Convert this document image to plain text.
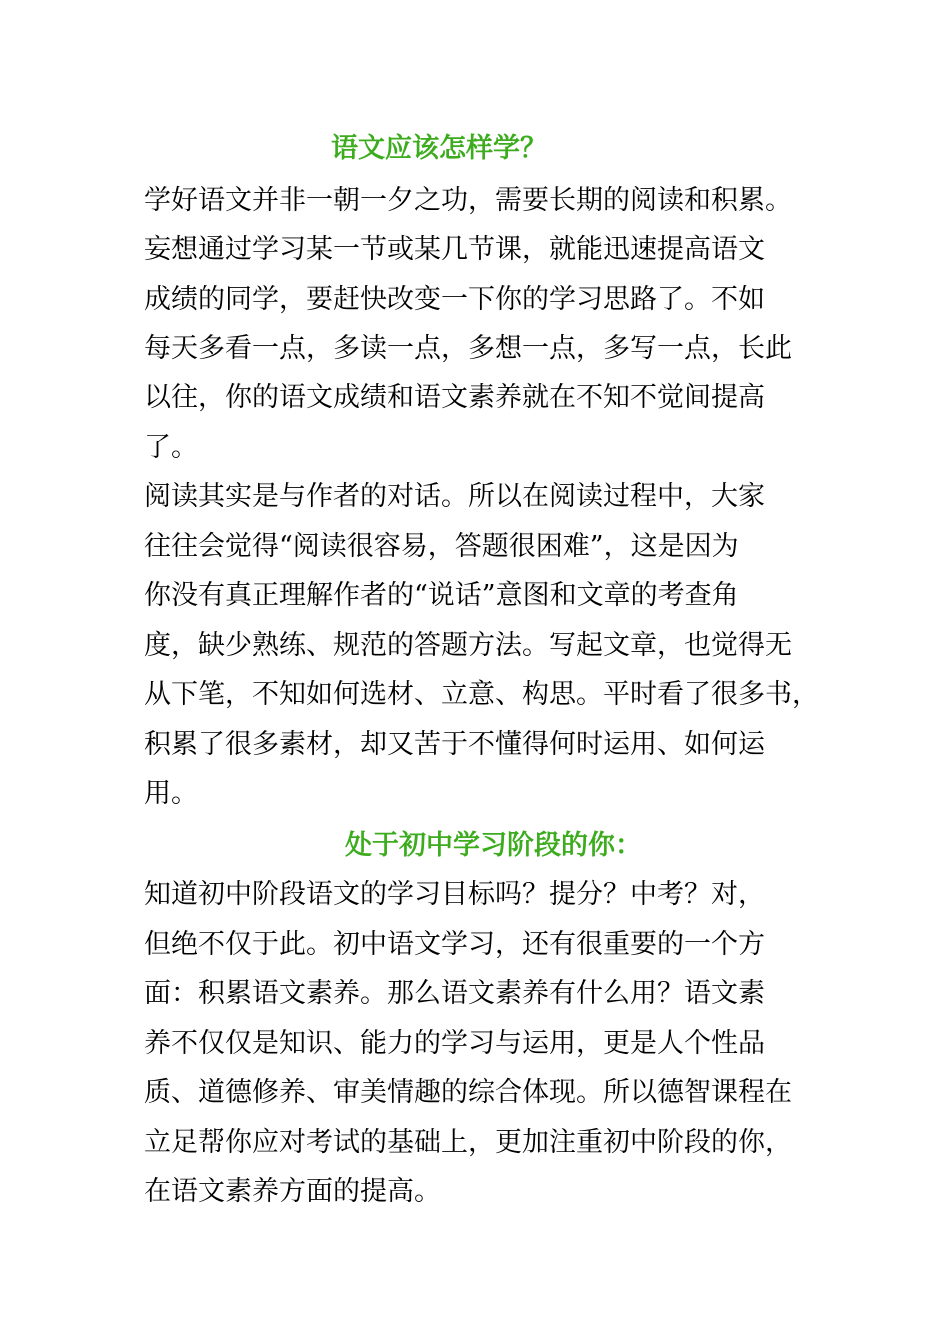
语文应该怎样学？

学好语文并非一朝一夕之功，需要长期的阅读和积累。

妄想通过学习某一节或某几节课，就能迅速提高语文

成绩的同学，要赶快改变一下你的学习思路了。不如

每天多看一点，多读一点，多想一点，多写一点，长此

以往，你的语文成绩和语文素养就在不知不觉间提高

了。

阅读其实是与作者的对话。所以在阅读过程中，大家

往往会觉得“阅读很容易，答题很困难”，这是因为

你没有真正理解作者的“说话”意图和文章的考查角

度，缺少熟练、规范的答题方法。写起文章，也觉得无

从下笔，不知如何选材、立意、构思。平时看了很多书，

积累了很多素材，却又苦于不懂得何时运用、如何运

用。

处于初中学习阶段的你：

知道初中阶段语文的学习目标吗？提分？中考？对，

但绝不仅于此。初中语文学习，还有很重要的一个方

面：积累语文素养。那么语文素养有什么用？语文素

养不仅仅是知识、能力的学习与运用，更是人个性品

质、道德修养、审美情趣的综合体现。所以德智课程在

立足帮你应对考试的基础上，更加注重初中阶段的你，

在语文素养方面的提高。
